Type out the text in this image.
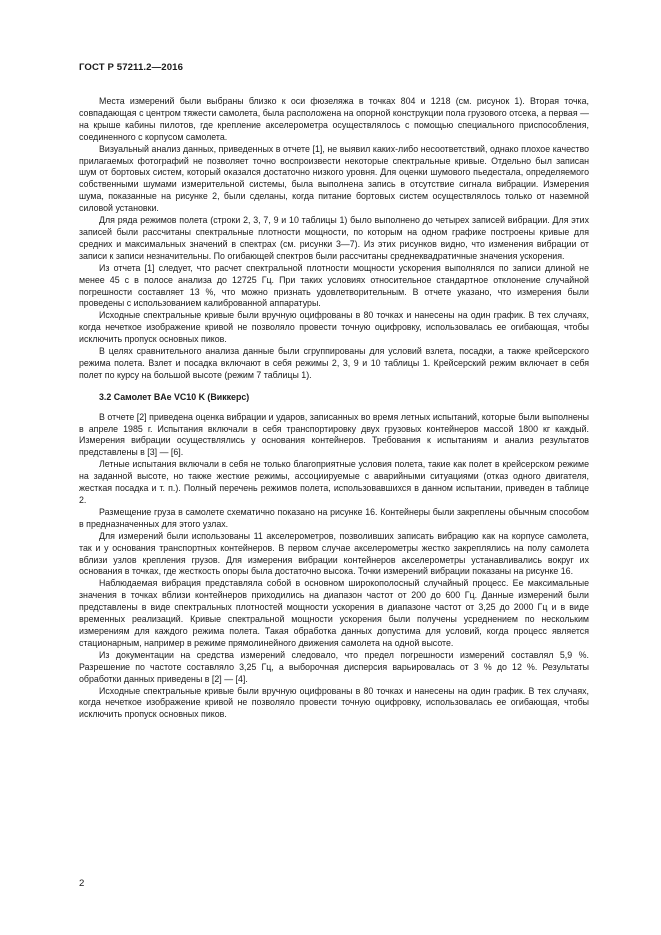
ГОСТ Р 57211.2—2016

Места измерений были выбраны близко к оси фюзеляжа в точках 804 и 1218 (см. рисунок 1). Вторая точка, совпадающая с центром тяжести самолета, была расположена на опорной конструкции пола грузового отсека, а первая — на крыше кабины пилотов, где крепление акселерометра осуществлялось с помощью специального приспособления, соединенного с корпусом самолета.

Визуальный анализ данных, приведенных в отчете [1], не выявил каких-либо несоответствий, однако плохое качество прилагаемых фотографий не позволяет точно воспроизвести некоторые спектральные кривые. Отдельно был записан шум от бортовых систем, который оказался достаточно низкого уровня. Для оценки шумового пьедестала, определяемого собственными шумами измерительной системы, была выполнена запись в отсутствие сигнала вибрации. Измерения шума, показанные на рисунке 2, были сделаны, когда питание бортовых систем осуществлялось только от наземной силовой установки.

Для ряда режимов полета (строки 2, 3, 7, 9 и 10 таблицы 1) было выполнено до четырех записей вибрации. Для этих записей были рассчитаны спектральные плотности мощности, по которым на одном графике построены кривые для средних и максимальных значений в спектрах (см. рисунки 3—7). Из этих рисунков видно, что изменения вибрации от записи к записи незначительны. По огибающей спектров были рассчитаны среднеквадратичные значения ускорения.

Из отчета [1] следует, что расчет спектральной плотности мощности ускорения выполнялся по записи длиной не менее 45 с в полосе анализа до 12725 Гц. При таких условиях относительное стандартное отклонение случайной погрешности составляет 13 %, что можно признать удовлетворительным. В отчете указано, что измерения были проведены с использованием калиброванной аппаратуры.

Исходные спектральные кривые были вручную оцифрованы в 80 точках и нанесены на один график. В тех случаях, когда нечеткое изображение кривой не позволяло провести точную оцифровку, использовалась ее огибающая, чтобы исключить пропуск основных пиков.

В целях сравнительного анализа данные были сгруппированы для условий взлета, посадки, а также крейсерского режима полета. Взлет и посадка включают в себя режимы 2, 3, 9 и 10 таблицы 1. Крейсерский режим включает в себя полет по курсу на большой высоте (режим 7 таблицы 1).

3.2 Самолет BAe VC10 K (Виккерс)

В отчете [2] приведена оценка вибрации и ударов, записанных во время летных испытаний, которые были выполнены в апреле 1985 г. Испытания включали в себя транспортировку двух грузовых контейнеров массой 1800 кг каждый. Измерения вибрации осуществлялись у основания контейнеров. Требования к испытаниям и анализ результатов представлены в [3] — [6].

Летные испытания включали в себя не только благоприятные условия полета, такие как полет в крейсерском режиме на заданной высоте, но также жесткие режимы, ассоциируемые с аварийными ситуациями (отказ одного двигателя, жесткая посадка и т. п.). Полный перечень режимов полета, использовавшихся в данном испытании, приведен в таблице 2.

Размещение груза в самолете схематично показано на рисунке 16. Контейнеры были закреплены обычным способом в предназначенных для этого узлах.

Для измерений были использованы 11 акселерометров, позволивших записать вибрацию как на корпусе самолета, так и у основания транспортных контейнеров. В первом случае акселерометры жестко закреплялись на полу самолета вблизи узлов крепления грузов. Для измерения вибрации контейнеров акселерометры устанавливались вокруг их основания в точках, где жесткость опоры была достаточно высока. Точки измерений вибрации показаны на рисунке 16.

Наблюдаемая вибрация представляла собой в основном широкополосный случайный процесс. Ее максимальные значения в точках вблизи контейнеров приходились на диапазон частот от 200 до 600 Гц. Данные измерений были представлены в виде спектральных плотностей мощности ускорения в диапазоне частот от 3,25 до 2000 Гц и в виде временных реализаций. Кривые спектральной мощности ускорения были получены усреднением по нескольким измерениям для каждого режима полета. Такая обработка данных допустима для условий, когда процесс является стационарным, например в режиме прямолинейного движения самолета на одной высоте.

Из документации на средства измерений следовало, что предел погрешности измерений составлял 5,9 %. Разрешение по частоте составляло 3,25 Гц, а выборочная дисперсия варьировалась от 3 % до 12 %. Результаты обработки данных приведены в [2] — [4].

Исходные спектральные кривые были вручную оцифрованы в 80 точках и нанесены на один график. В тех случаях, когда нечеткое изображение кривой не позволяло провести точную оцифровку, использовалась ее огибающая, чтобы исключить пропуск основных пиков.

2
